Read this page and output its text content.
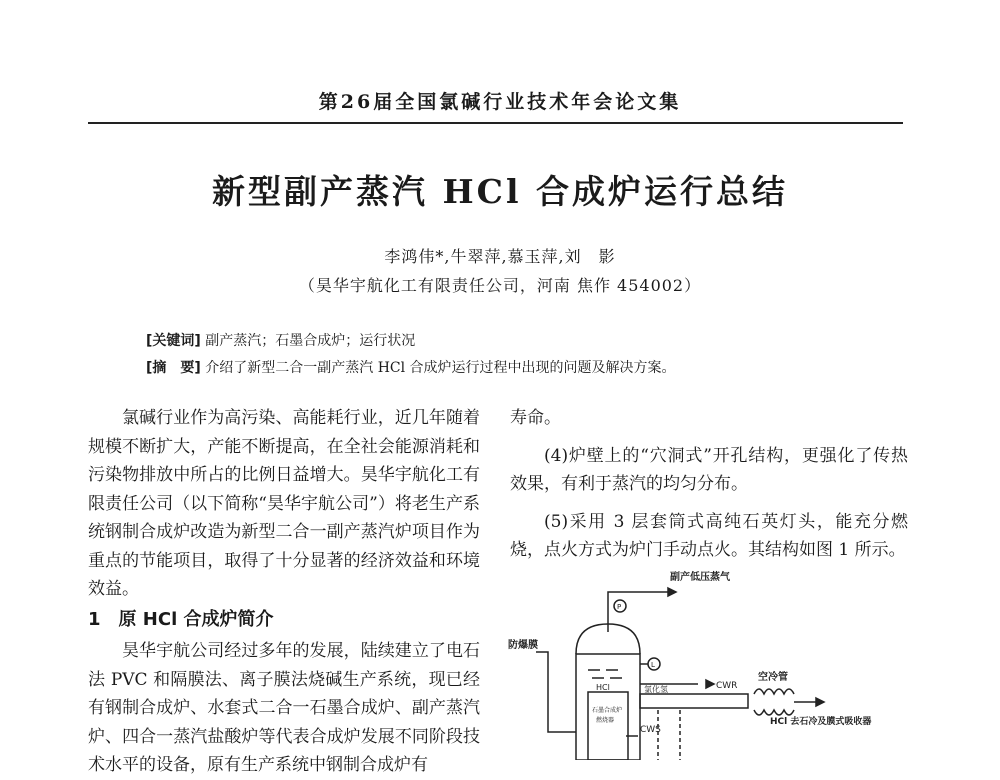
第26届全国氯碱行业技术年会论文集
新型副产蒸汽 HCl 合成炉运行总结
李鸿伟*,牛翠萍,慕玉萍,刘　影
（昊华宇航化工有限责任公司，河南 焦作 454002）
[关键词] 副产蒸汽；石墨合成炉；运行状况
[摘　要] 介绍了新型二合一副产蒸汽 HCl 合成炉运行过程中出现的问题及解决方案。

氯碱行业作为高污染、高能耗行业，近几年随着规模不断扩大，产能不断提高，在全社会能源消耗和污染物排放中所占的比例日益增大。昊华宇航化工有限责任公司（以下简称“昊华宇航公司”）将老生产系统钢制合成炉改造为新型二合一副产蒸汽炉项目作为重点的节能项目，取得了十分显著的经济效益和环境效益。

1　原 HCl 合成炉简介

昊华宇航公司经过多年的发展，陆续建立了电石法 PVC 和隔膜法、离子膜法烧碱生产系统，现已经有钢制合成炉、水套式二合一石墨合成炉、副产蒸汽炉、四合一蒸汽盐酸炉等代表合成炉发展不同阶段技术水平的设备，原有生产系统中钢制合成炉有

寿命。

(4)炉壁上的“穴洞式”开孔结构，更强化了传热效果，有利于蒸汽的均匀分布。

(5)采用 3 层套筒式高纯石英灯头，能充分燃烧，点火方式为炉门手动点火。其结构如图 1 所示。

副产低压蒸气
P
L
防爆膜
CWR
空冷管
氯化氢
HCl
CWS
石墨合成炉
燃烧器	HCl 去石冷及膜式吸收器
